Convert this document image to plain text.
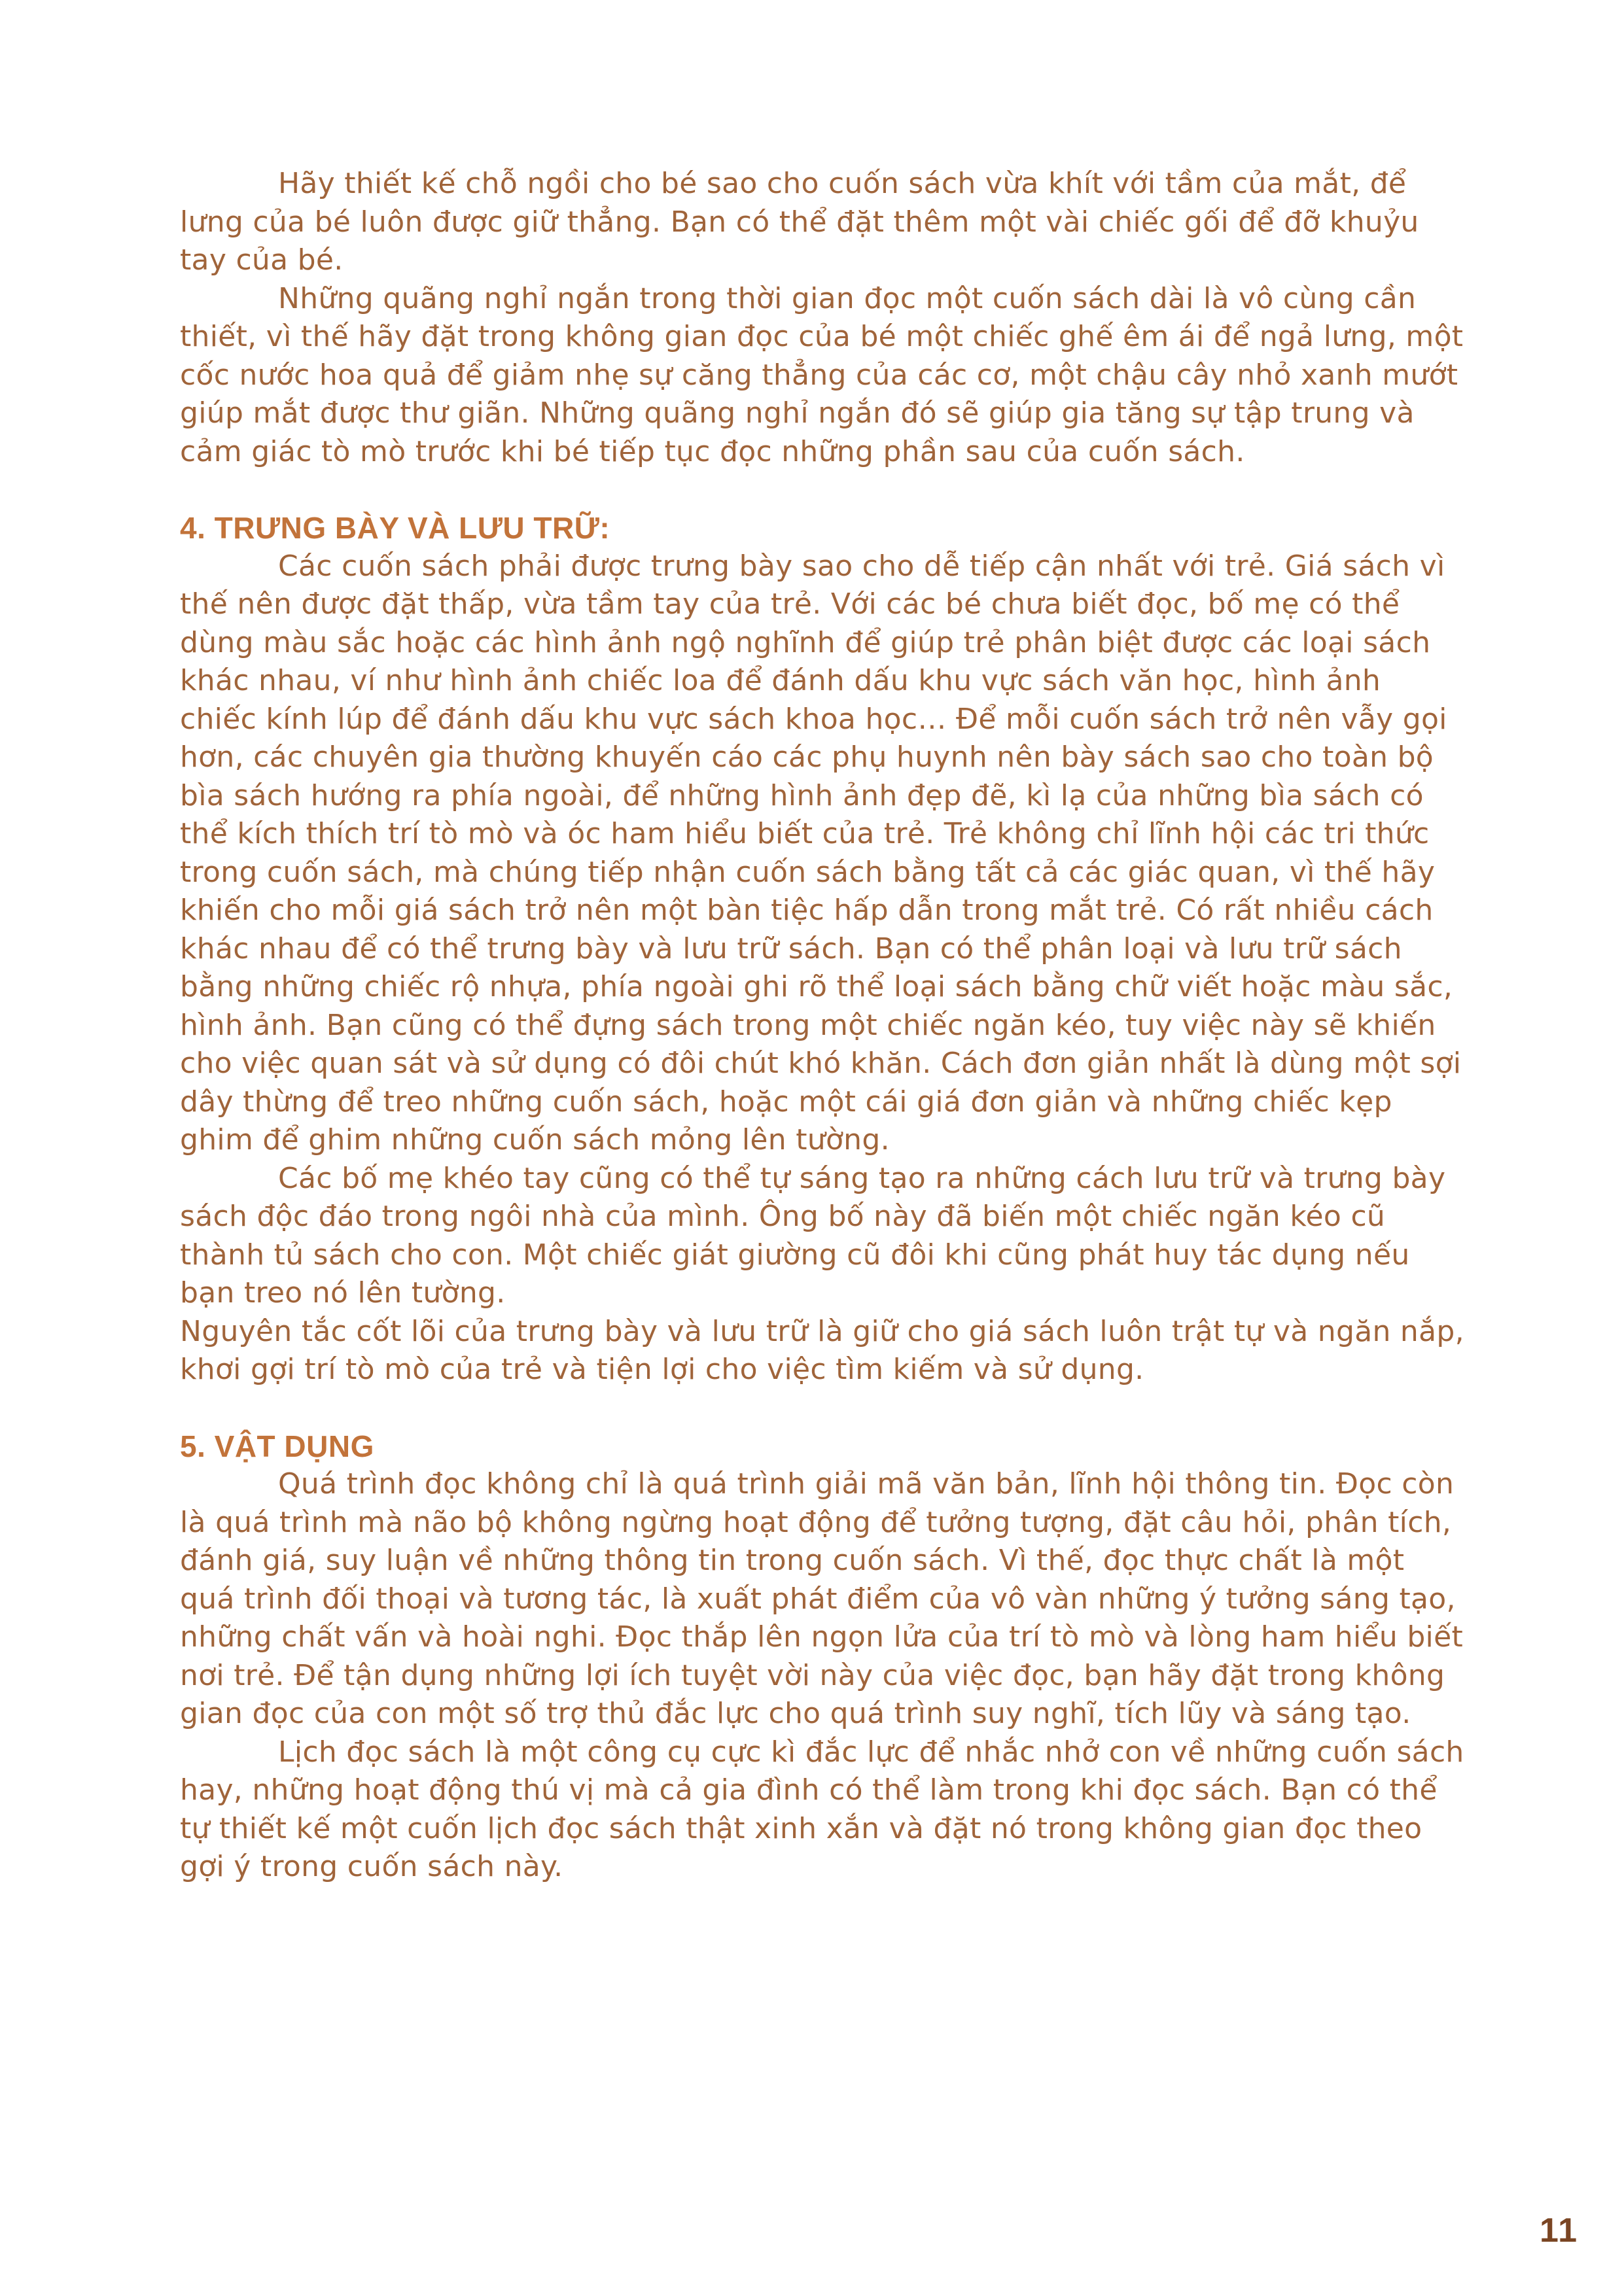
Hãy thiết kế chỗ ngồi cho bé sao cho cuốn sách vừa khít với tầm của mắt, để lưng của bé luôn được giữ thẳng. Bạn có thể đặt thêm một vài chiếc gối để đỡ khuỷu tay của bé.

Những quãng nghỉ ngắn trong thời gian đọc một cuốn sách dài là vô cùng cần thiết, vì thế hãy đặt trong không gian đọc của bé một chiếc ghế êm ái để ngả lưng, một cốc nước hoa quả để giảm nhẹ sự căng thẳng của các cơ, một chậu cây nhỏ xanh mướt giúp mắt được thư giãn. Những quãng nghỉ ngắn đó sẽ giúp gia tăng sự tập trung và cảm giác tò mò trước khi bé tiếp tục đọc những phần sau của cuốn sách.

4. TRƯNG BÀY VÀ LƯU TRỮ:

Các cuốn sách phải được trưng bày sao cho dễ tiếp cận nhất với trẻ. Giá sách vì thế nên được đặt thấp, vừa tầm tay của trẻ. Với các bé chưa biết đọc, bố mẹ có thể dùng màu sắc hoặc các hình ảnh ngộ nghĩnh để giúp trẻ phân biệt được các loại sách khác nhau, ví như hình ảnh chiếc loa để đánh dấu khu vực sách văn học, hình ảnh chiếc kính lúp để đánh dấu khu vực sách khoa học… Để mỗi cuốn sách trở nên vẫy gọi hơn, các chuyên gia thường khuyến cáo các phụ huynh nên bày sách sao cho toàn bộ bìa sách hướng ra phía ngoài, để những hình ảnh đẹp đẽ, kì lạ của những bìa sách có thể kích thích trí tò mò và óc ham hiểu biết của trẻ. Trẻ không chỉ lĩnh hội các tri thức trong cuốn sách, mà chúng tiếp nhận cuốn sách bằng tất cả các giác quan, vì thế hãy khiến cho mỗi giá sách trở nên một bàn tiệc hấp dẫn trong mắt trẻ. Có rất nhiều cách khác nhau để có thể trưng bày và lưu trữ sách. Bạn có thể phân loại và lưu trữ sách bằng những chiếc rộ nhựa, phía ngoài ghi rõ thể loại sách bằng chữ viết hoặc màu sắc, hình ảnh. Bạn cũng có thể đựng sách trong một chiếc ngăn kéo, tuy việc này sẽ khiến cho việc quan sát và sử dụng có đôi chút khó khăn. Cách đơn giản nhất là dùng một sợi dây thừng để treo những cuốn sách, hoặc một cái giá đơn giản và những chiếc kẹp ghim để ghim những cuốn sách mỏng lên tường.

Các bố mẹ khéo tay cũng có thể tự sáng tạo ra những cách lưu trữ và trưng bày sách độc đáo trong ngôi nhà của mình. Ông bố này đã biến một chiếc ngăn kéo cũ thành tủ sách cho con. Một chiếc giát giường cũ đôi khi cũng phát huy tác dụng nếu bạn treo nó lên tường.

Nguyên tắc cốt lõi của trưng bày và lưu trữ là giữ cho giá sách luôn trật tự và ngăn nắp, khơi gợi trí tò mò của trẻ và tiện lợi cho việc tìm kiếm và sử dụng.

5. VẬT DỤNG

Quá trình đọc không chỉ là quá trình giải mã văn bản, lĩnh hội thông tin. Đọc còn là quá trình mà não bộ không ngừng hoạt động để tưởng tượng, đặt câu hỏi, phân tích, đánh giá, suy luận về những thông tin trong cuốn sách. Vì thế, đọc thực chất là một quá trình đối thoại và tương tác, là xuất phát điểm của vô vàn những ý tưởng sáng tạo, những chất vấn và hoài nghi. Đọc thắp lên ngọn lửa của trí tò mò và lòng ham hiểu biết nơi trẻ. Để tận dụng những lợi ích tuyệt vời này của việc đọc, bạn hãy đặt trong không gian đọc của con một số trợ thủ đắc lực cho quá trình suy nghĩ, tích lũy và sáng tạo.

Lịch đọc sách là một công cụ cực kì đắc lực để nhắc nhở con về những cuốn sách hay, những hoạt động thú vị mà cả gia đình có thể làm trong khi đọc sách. Bạn có thể tự thiết kế một cuốn lịch đọc sách thật xinh xắn và đặt nó trong không gian đọc theo gợi ý trong cuốn sách này.

11
